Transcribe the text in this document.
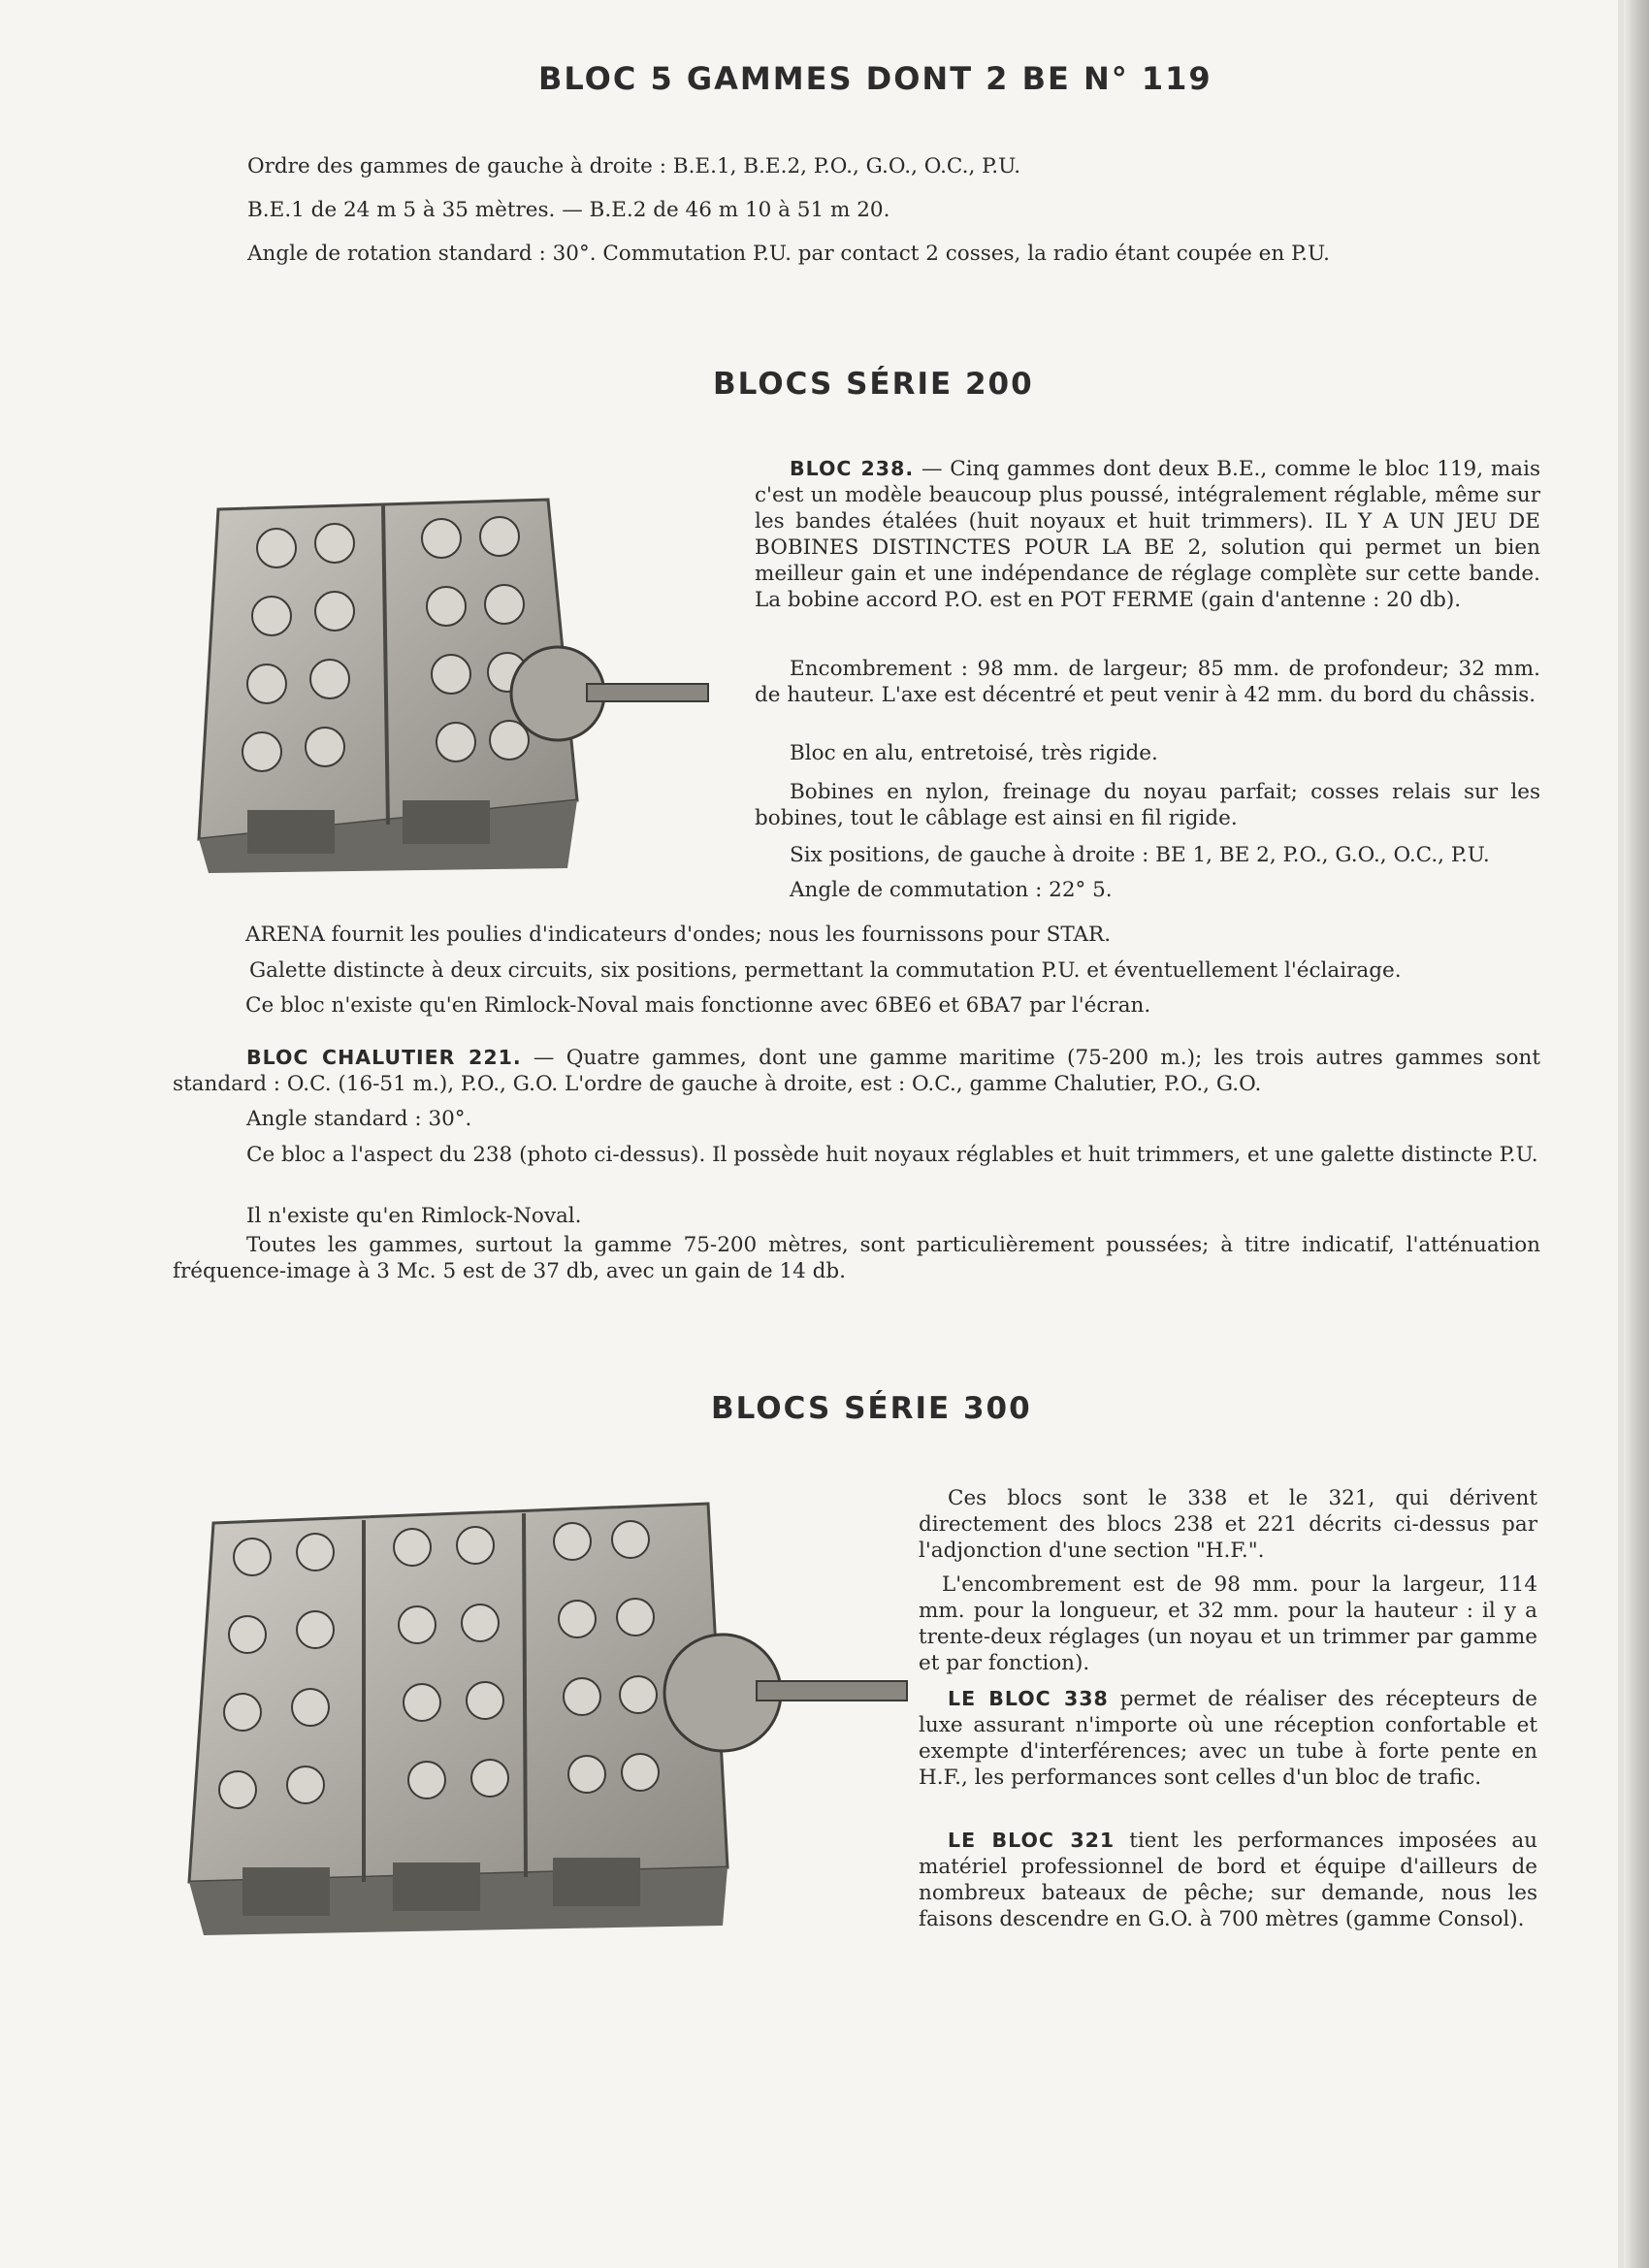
BLOC 5 GAMMES DONT 2 BE N° 119

Ordre des gammes de gauche à droite : B.E.1, B.E.2, P.O., G.O., O.C., P.U.

B.E.1 de 24 m 5 à 35 mètres. — B.E.2 de 46 m 10 à 51 m 20.

Angle de rotation standard : 30°. Commutation P.U. par contact 2 cosses, la radio étant coupée en P.U.

BLOCS SÉRIE 200

BLOC 238. — Cinq gammes dont deux B.E., comme le bloc 119, mais c'est un modèle beaucoup plus poussé, intégralement réglable, même sur les bandes étalées (huit noyaux et huit trimmers). IL Y A UN JEU DE BOBINES DISTINCTES POUR LA BE 2, solution qui permet un bien meilleur gain et une indépendance de réglage complète sur cette bande. La bobine accord P.O. est en POT FERME (gain d'antenne : 20 db).

Encombrement : 98 mm. de largeur; 85 mm. de profondeur; 32 mm. de hauteur. L'axe est décentré et peut venir à 42 mm. du bord du châssis.

Bloc en alu, entretoisé, très rigide.

Bobines en nylon, freinage du noyau parfait; cosses relais sur les bobines, tout le câblage est ainsi en fil rigide.

Six positions, de gauche à droite : BE 1, BE 2, P.O., G.O., O.C., P.U.

Angle de commutation : 22° 5.

ARENA fournit les poulies d'indicateurs d'ondes; nous les fournissons pour STAR.

Galette distincte à deux circuits, six positions, permettant la commutation P.U. et éventuellement l'éclairage.

Ce bloc n'existe qu'en Rimlock-Noval mais fonctionne avec 6BE6 et 6BA7 par l'écran.

BLOC CHALUTIER 221. — Quatre gammes, dont une gamme maritime (75-200 m.); les trois autres gammes sont standard : O.C. (16-51 m.), P.O., G.O. L'ordre de gauche à droite, est : O.C., gamme Chalutier, P.O., G.O.

Angle standard : 30°.

Ce bloc a l'aspect du 238 (photo ci-dessus). Il possède huit noyaux réglables et huit trimmers, et une galette distincte P.U.

Il n'existe qu'en Rimlock-Noval.

Toutes les gammes, surtout la gamme 75-200 mètres, sont particulièrement poussées; à titre indicatif, l'atténuation fréquence-image à 3 Mc. 5 est de 37 db, avec un gain de 14 db.

BLOCS SÉRIE 300

Ces blocs sont le 338 et le 321, qui dérivent directement des blocs 238 et 221 décrits ci-dessus par l'adjonction d'une section "H.F.".

L'encombrement est de 98 mm. pour la largeur, 114 mm. pour la longueur, et 32 mm. pour la hauteur : il y a trente-deux réglages (un noyau et un trimmer par gamme et par fonction).

LE BLOC 338 permet de réaliser des récepteurs de luxe assurant n'importe où une réception confortable et exempte d'interférences; avec un tube à forte pente en H.F., les performances sont celles d'un bloc de trafic.

LE BLOC 321 tient les performances imposées au matériel professionnel de bord et équipe d'ailleurs de nombreux bateaux de pêche; sur demande, nous les faisons descendre en G.O. à 700 mètres (gamme Consol).
